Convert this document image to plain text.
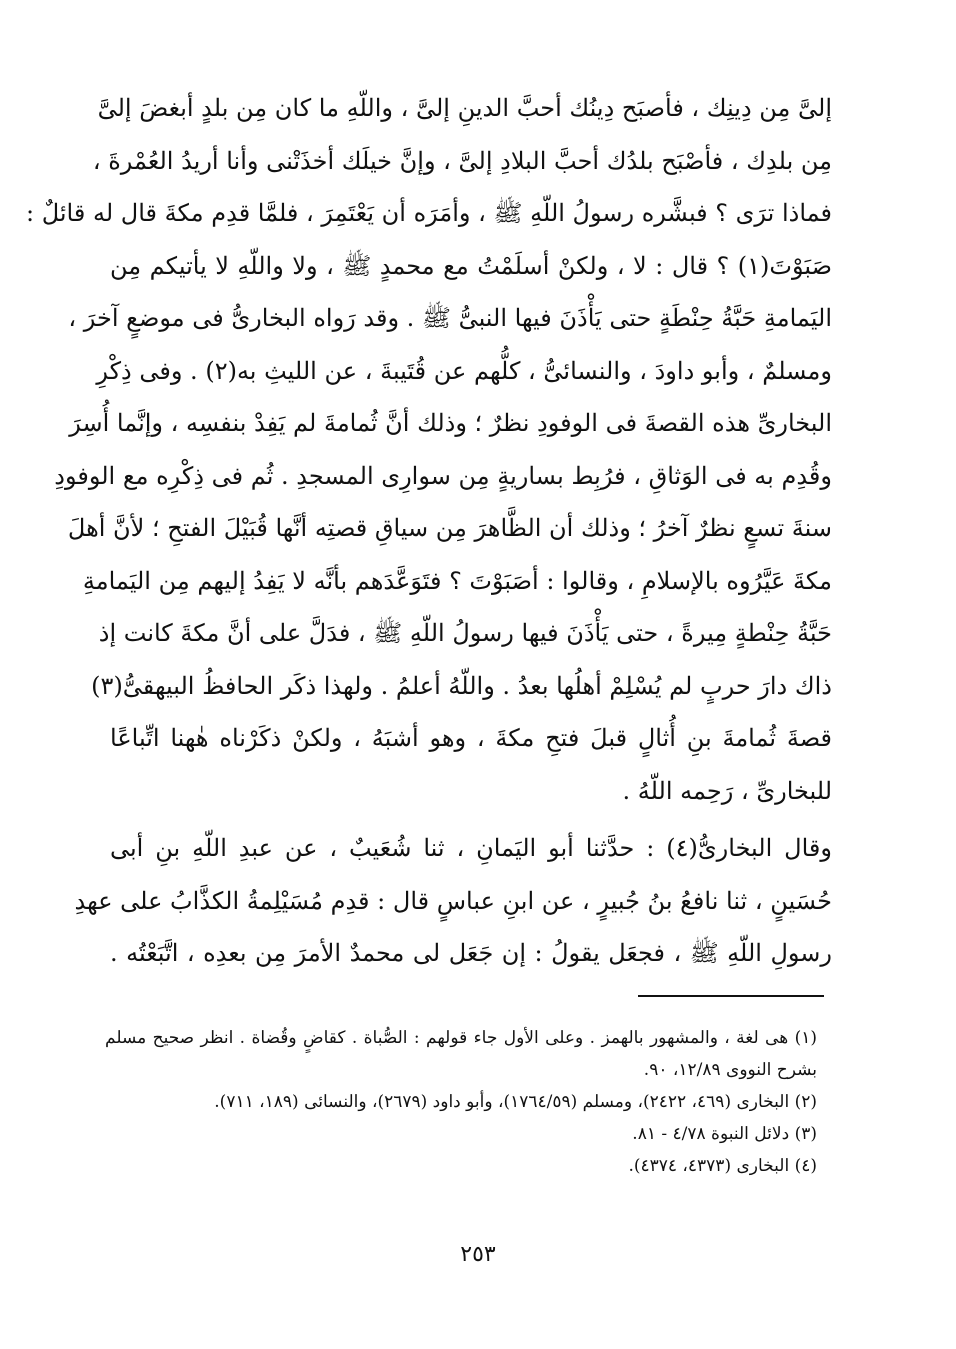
إلىَّ مِن دِينِك ، فأصبَح دِينُك أحبَّ الدينِ إلىَّ ، واللّهِ ما كان مِن بلدٍ أبغضَ إلىَّ
مِن بلدِك ، فأصْبَح بلدُك أحبَّ البلادِ إلىَّ ، وإنَّ خيلَك أخذَتْنى وأنا أريدُ العُمْرةَ ،
فماذا ترَى ؟ فبشَّره رسولُ اللّهِ ﷺ ، وأمَرَه أن يَعْتَمِرَ ، فلمَّا قدِم مكةَ قال له قائلٌ :
صَبَوْتَ(١) ؟ قال : لا ، ولكنْ أسلَمْتُ مع محمدٍ ﷺ ، ولا واللّهِ لا يأتيكم مِن
اليَمامةِ حَبَّةُ حِنْطَةٍ حتى يَأْذَنَ فيها النبىُّ ﷺ . وقد رَواه البخارىُّ فى موضعٍ آخرَ ،
ومسلمٌ ، وأبو داودَ ، والنسائىُّ ، كلُّهم عن قُتَيبةَ ، عن الليثِ به(٢) . وفى ذِكْرِ
البخارىِّ هذه القصةَ فى الوفودِ نظرٌ ؛ وذلك أنَّ ثُمامةَ لم يَفِدْ بنفسِه ، وإنَّما أُسِرَ
وقُدِم به فى الوَثاقِ ، فرُبِط بساريةٍ مِن سوارِى المسجدِ . ثُم فى ذِكْرِه مع الوفودِ
سنةَ تسعٍ نظرٌ آخرُ ؛ وذلك أن الظَّاهرَ مِن سياقِ قصتِه أنَّها قُبَيْلَ الفتحِ ؛ لأنَّ أهلَ
مكةَ عَيَّرُوه بالإسلامِ ، وقالوا : أصَبَوْتَ ؟ فتَوَعَّدَهم بأنَّه لا يَفِدُ إليهم مِن اليَمامةِ
حَبَّةُ حِنْطةٍ مِيرةً ، حتى يَأْذَنَ فيها رسولُ اللّهِ ﷺ ، فدَلَّ على أنَّ مكةَ كانت إذ
ذاك دارَ حربٍ لم يُسْلِمْ أهلُها بعدُ . واللّهُ أعلمُ . ولهذا ذكَر الحافظُ البيهقىُّ(٣)
قصةَ ثُمامةَ بنِ أُثالٍ قبلَ فتحِ مكةَ ، وهو أشبَهُ ، ولكنْ ذكَرْناه هٰهنا اتِّباعًا
للبخارىِّ ، رَحِمه اللّهُ .
وقال البخارىُّ(٤) : حدَّثنا أبو اليَمانِ ، ثنا شُعَيبٌ ، عن عبدِ اللّهِ بنِ أبى
حُسَينٍ ، ثنا نافعُ بنُ جُبيرٍ ، عن ابنِ عباسٍ قال : قدِم مُسَيْلِمةُ الكذَّابُ على عهدِ
رسولِ اللّهِ ﷺ ، فجعَل يقولُ : إن جَعَل لى محمدٌ الأمرَ مِن بعدِه ، اتَّبَعْتُه .
(١) هى لغة ، والمشهور بالهمز . وعلى الأول جاء قولهم : الصُّباة . كقاضٍ وقُضاة . انظر صحيح مسلم
بشرح النووى ١٢/٨٩، ٩٠.
(٢) البخارى (٤٦٩، ٢٤٢٢)، ومسلم (١٧٦٤/٥٩)، وأبو داود (٢٦٧٩)، والنسائى (١٨٩، ٧١١).
(٣) دلائل النبوة ٤/٧٨ - ٨١.
(٤) البخارى (٤٣٧٣، ٤٣٧٤).
٢٥٣
